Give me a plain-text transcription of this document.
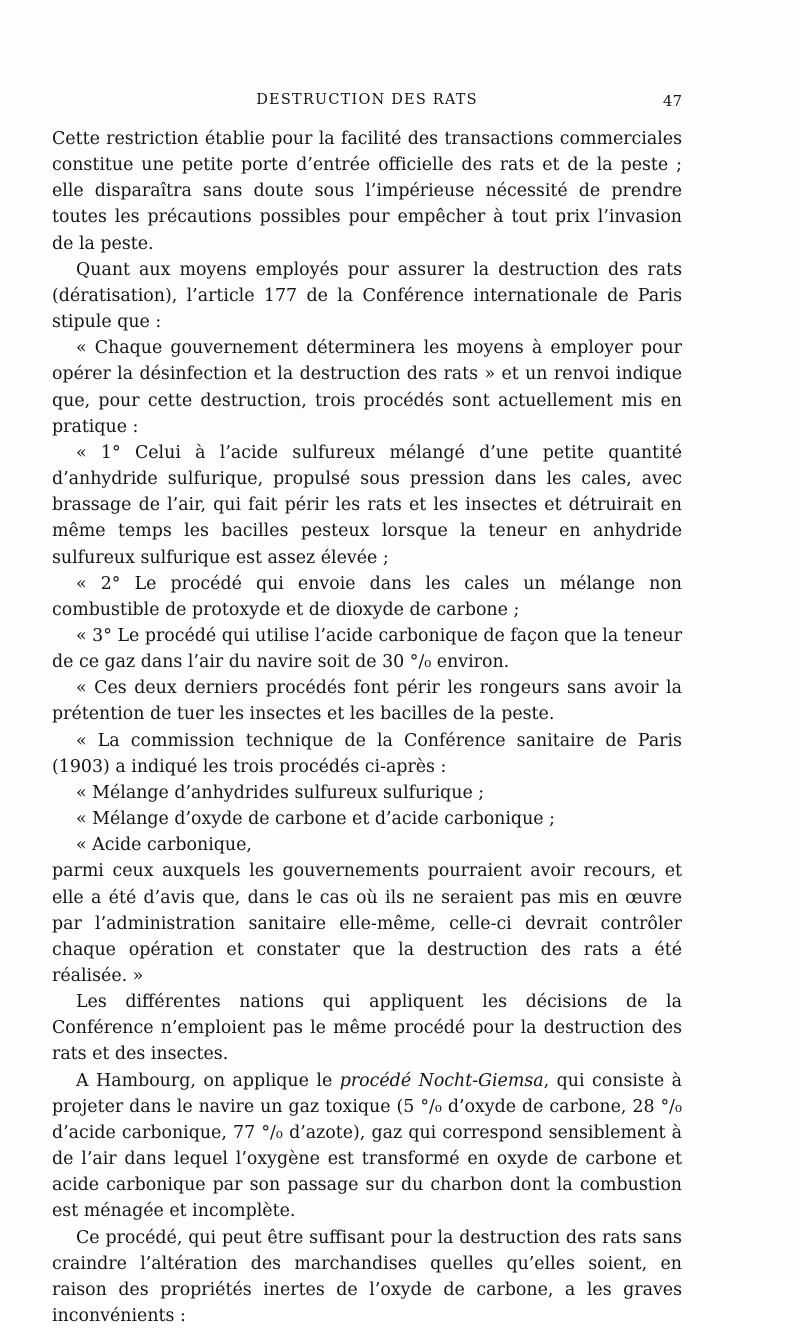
DESTRUCTION DES RATS	47

Cette restriction établie pour la facilité des transactions commerciales constitue une petite porte d’entrée officielle des rats et de la peste ; elle disparaîtra sans doute sous l’impérieuse nécessité de prendre toutes les précautions possibles pour empêcher à tout prix l’invasion de la peste.

Quant aux moyens employés pour assurer la destruction des rats (dératisation), l’article 177 de la Conférence internationale de Paris stipule que :

« Chaque gouvernement déterminera les moyens à employer pour opérer la désinfection et la destruction des rats » et un renvoi indique que, pour cette destruction, trois procédés sont actuellement mis en pratique :

« 1° Celui à l’acide sulfureux mélangé d’une petite quantité d’anhydride sulfurique, propulsé sous pression dans les cales, avec brassage de l’air, qui fait périr les rats et les insectes et détruirait en même temps les bacilles pesteux lorsque la teneur en anhydride sulfureux sulfurique est assez élevée ;

« 2° Le procédé qui envoie dans les cales un mélange non combustible de protoxyde et de dioxyde de carbone ;

« 3° Le procédé qui utilise l’acide carbonique de façon que la teneur de ce gaz dans l’air du navire soit de 30 °/₀ environ.

« Ces deux derniers procédés font périr les rongeurs sans avoir la prétention de tuer les insectes et les bacilles de la peste.

« La commission technique de la Conférence sanitaire de Paris (1903) a indiqué les trois procédés ci-après :

« Mélange d’anhydrides sulfureux sulfurique ;

« Mélange d’oxyde de carbone et d’acide carbonique ;

« Acide carbonique,

parmi ceux auxquels les gouvernements pourraient avoir recours, et elle a été d’avis que, dans le cas où ils ne seraient pas mis en œuvre par l’administration sanitaire elle-même, celle-ci devrait contrôler chaque opération et constater que la destruction des rats a été réalisée. »

Les différentes nations qui appliquent les décisions de la Conférence n’emploient pas le même procédé pour la destruction des rats et des insectes.

A Hambourg, on applique le procédé Nocht-Giemsa, qui consiste à projeter dans le navire un gaz toxique (5 °/₀ d’oxyde de carbone, 28 °/₀ d’acide carbonique, 77 °/₀ d’azote), gaz qui correspond sensiblement à de l’air dans lequel l’oxygène est transformé en oxyde de carbone et acide carbonique par son passage sur du charbon dont la combustion est ménagée et incomplète.

Ce procédé, qui peut être suffisant pour la destruction des rats sans craindre l’altération des marchandises quelles qu’elles soient, en raison des propriétés inertes de l’oxyde de carbone, a les graves inconvénients :
